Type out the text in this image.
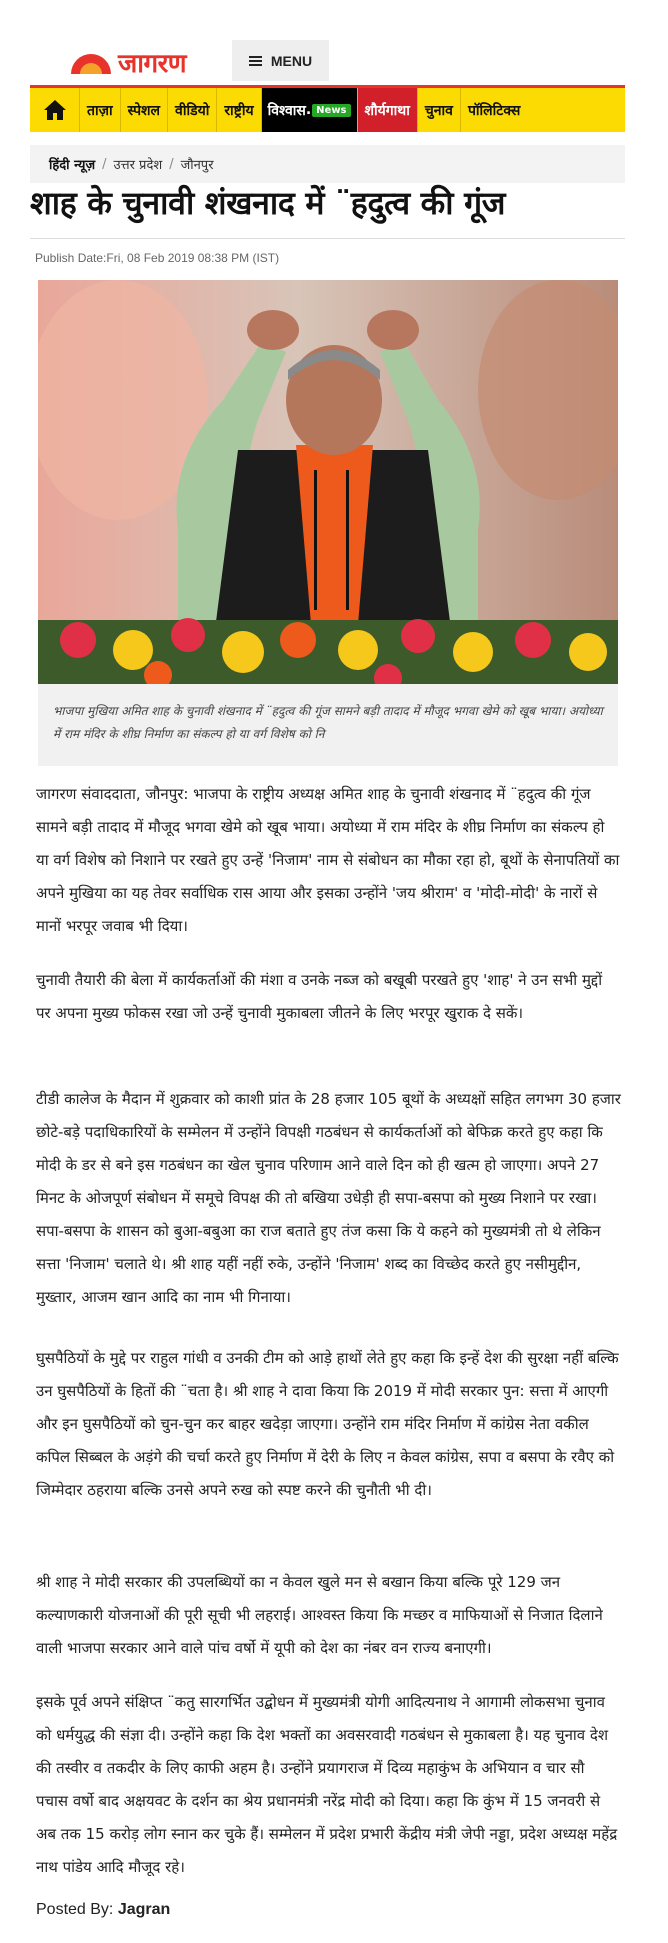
जागरण	MENU
ताज़ा	स्पेशल	वीडियो	राष्ट्रीय	विश्वास . News	शौर्यगाथा	चुनाव	पॉलिटिक्स
हिंदी न्यूज़ / उत्तर प्रदेश / जौनपुर
शाह के चुनावी शंखनाद में ¨हदुत्व की गूंज
Publish Date:Fri, 08 Feb 2019 08:38 PM (IST)
भाजपा मुखिया अमित शाह के चुनावी शंखनाद में ¨हदुत्व की गूंज सामने बड़ी तादाद में मौजूद भगवा खेमे को खूब भाया। अयोध्या में राम मंदिर के शीघ्र निर्माण का संकल्प हो या वर्ग विशेष को नि

जागरण संवाददाता, जौनपुर: भाजपा के राष्ट्रीय अध्यक्ष अमित शाह के चुनावी शंखनाद में ¨हदुत्व की गूंज सामने बड़ी तादाद में मौजूद भगवा खेमे को खूब भाया। अयोध्या में राम मंदिर के शीघ्र निर्माण का संकल्प हो या वर्ग विशेष को निशाने पर रखते हुए उन्हें 'निजाम' नाम से संबोधन का मौका रहा हो, बूथों के सेनापतियों का अपने मुखिया का यह तेवर सर्वाधिक रास आया और इसका उन्होंने 'जय श्रीराम' व 'मोदी-मोदी' के नारों से मानों भरपूर जवाब भी दिया।

चुनावी तैयारी की बेला में कार्यकर्ताओं की मंशा व उनके नब्ज को बखूबी परखते हुए 'शाह' ने उन सभी मुद्दों पर अपना मुख्य फोकस रखा जो उन्हें चुनावी मुकाबला जीतने के लिए भरपूर खुराक दे सकें।

टीडी कालेज के मैदान में शुक्रवार को काशी प्रांत के 28 हजार 105 बूथों के अध्यक्षों सहित लगभग 30 हजार छोटे-बड़े पदाधिकारियों के सम्मेलन में उन्होंने विपक्षी गठबंधन से कार्यकर्ताओं को बेफिक्र करते हुए कहा कि मोदी के डर से बने इस गठबंधन का खेल चुनाव परिणाम आने वाले दिन को ही खत्म हो जाएगा। अपने 27 मिनट के ओजपूर्ण संबोधन में समूचे विपक्ष की तो बखिया उधेड़ी ही सपा-बसपा को मुख्य निशाने पर रखा। सपा-बसपा के शासन को बुआ-बबुआ का राज बताते हुए तंज कसा कि ये कहने को मुख्यमंत्री तो थे लेकिन सत्ता 'निजाम' चलाते थे। श्री शाह यहीं नहीं रुके, उन्होंने 'निजाम' शब्द का विच्छेद करते हुए नसीमुद्दीन, मुख्तार, आजम खान आदि का नाम भी गिनाया।

घुसपैठियों के मुद्दे पर राहुल गांधी व उनकी टीम को आड़े हाथों लेते हुए कहा कि इन्हें देश की सुरक्षा नहीं बल्कि उन घुसपैठियों के हितों की ¨चता है। श्री शाह ने दावा किया कि 2019 में मोदी सरकार पुन: सत्ता में आएगी और इन घुसपैठियों को चुन-चुन कर बाहर खदेड़ा जाएगा। उन्होंने राम मंदिर निर्माण में कांग्रेस नेता वकील कपिल सिब्बल के अड़ंगे की चर्चा करते हुए निर्माण में देरी के लिए न केवल कांग्रेस, सपा व बसपा के रवैए को जिम्मेदार ठहराया बल्कि उनसे अपने रुख को स्पष्ट करने की चुनौती भी दी।

श्री शाह ने मोदी सरकार की उपलब्धियों का न केवल खुले मन से बखान किया बल्कि पूरे 129 जन कल्याणकारी योजनाओं की पूरी सूची भी लहराई। आश्वस्त किया कि मच्छर व माफियाओं से निजात दिलाने वाली भाजपा सरकार आने वाले पांच वर्षो में यूपी को देश का नंबर वन राज्य बनाएगी।

इसके पूर्व अपने संक्षिप्त ¨कतु सारगर्भित उद्बोधन में मुख्यमंत्री योगी आदित्यनाथ ने आगामी लोकसभा चुनाव को धर्मयुद्ध की संज्ञा दी। उन्होंने कहा कि देश भक्तों का अवसरवादी गठबंधन से मुकाबला है। यह चुनाव देश की तस्वीर व तकदीर के लिए काफी अहम है। उन्होंने प्रयागराज में दिव्य महाकुंभ के अभियान व चार सौ पचास वर्षो बाद अक्षयवट के दर्शन का श्रेय प्रधानमंत्री नरेंद्र मोदी को दिया। कहा कि कुंभ में 15 जनवरी से अब तक 15 करोड़ लोग स्नान कर चुके हैं। सम्मेलन में प्रदेश प्रभारी केंद्रीय मंत्री जेपी नड्डा, प्रदेश अध्यक्ष महेंद्र नाथ पांडेय आदि मौजूद रहे।

Posted By: Jagran
